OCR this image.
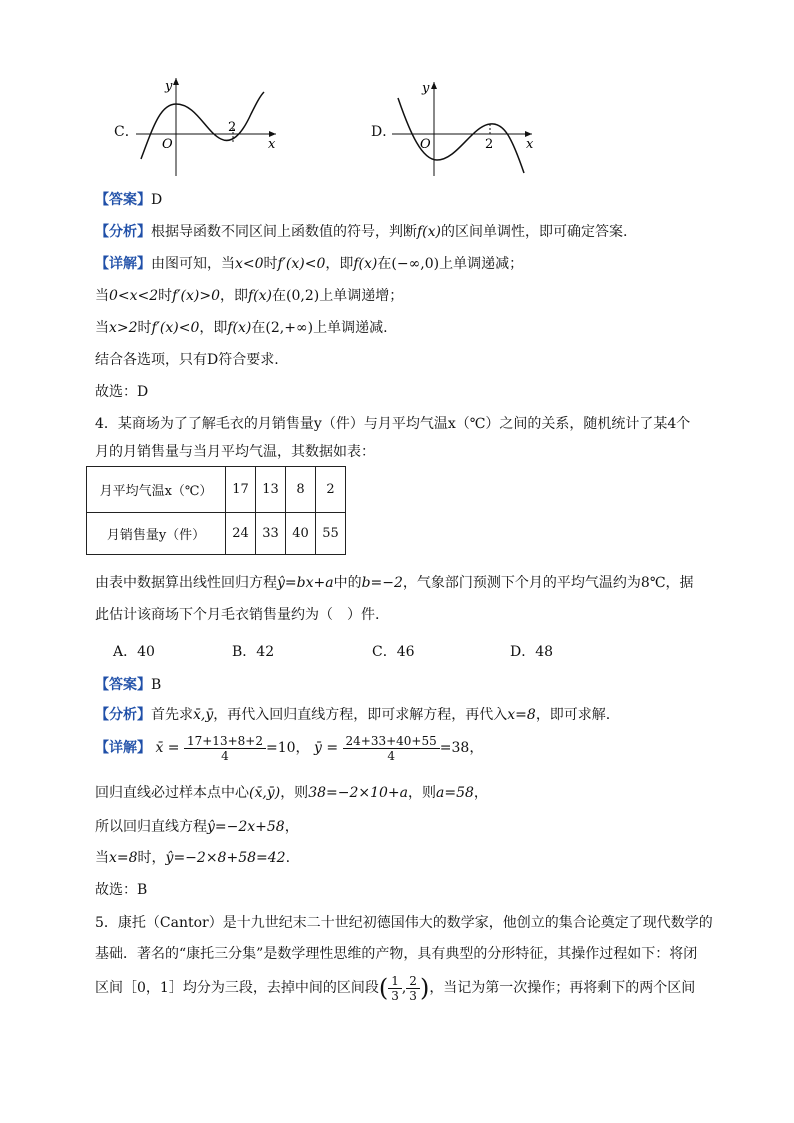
C．
y
x
O
2	D．
y
x
O	2
【答案】D
【分析】根据导函数不同区间上函数值的符号，判断f(x)的区间单调性，即可确定答案.
【详解】由图可知，当x<0时f′(x)<0，即f(x)在(−∞,0)上单调递减；
当0<x<2时f′(x)>0，即f(x)在(0,2)上单调递增；
当x>2时f′(x)<0，即f(x)在(2,+∞)上单调递减.
结合各选项，只有D符合要求.
故选：D
4．某商场为了了解毛衣的月销售量y（件）与月平均气温x（℃）之间的关系，随机统计了某4个
月的月销售量与当月平均气温，其数据如表：
月平均气温x（℃）	17	13	8	2
月销售量y（件）	24	33	40	55
由表中数据算出线性回归方程ŷ=bx+a中的b=−2，气象部门预测下个月的平均气温约为8℃，据
此估计该商场下个月毛衣销售量约为（　）件.
A．40	B．42	C．46	D．48
【答案】B
【分析】首先求x̄,ȳ，再代入回归直线方程，即可求解方程，再代入x=8，即可求解.
【详解】 x̄ = $\frac{17+13+8+2}{4} =10$， ȳ = $\frac{24+33+40+55}{4} =38$，
回归直线必过样本点中心(x̄,ȳ)，则38=−2×10+a，则a=58，
所以回归直线方程ŷ=−2x+58，
当x=8时，ŷ=−2×8+58=42.
故选：B
5．康托（Cantor）是十九世纪末二十世纪初德国伟大的数学家，他创立的集合论奠定了现代数学的
基础．著名的“康托三分集”是数学理性思维的产物，具有典型的分形特征，其操作过程如下：将闭
区间［0，1］均分为三段，去掉中间的区间段( $\frac{1}{3}$ , $\frac{2}{3}$ )，当记为第一次操作；再将剩下的两个区间
